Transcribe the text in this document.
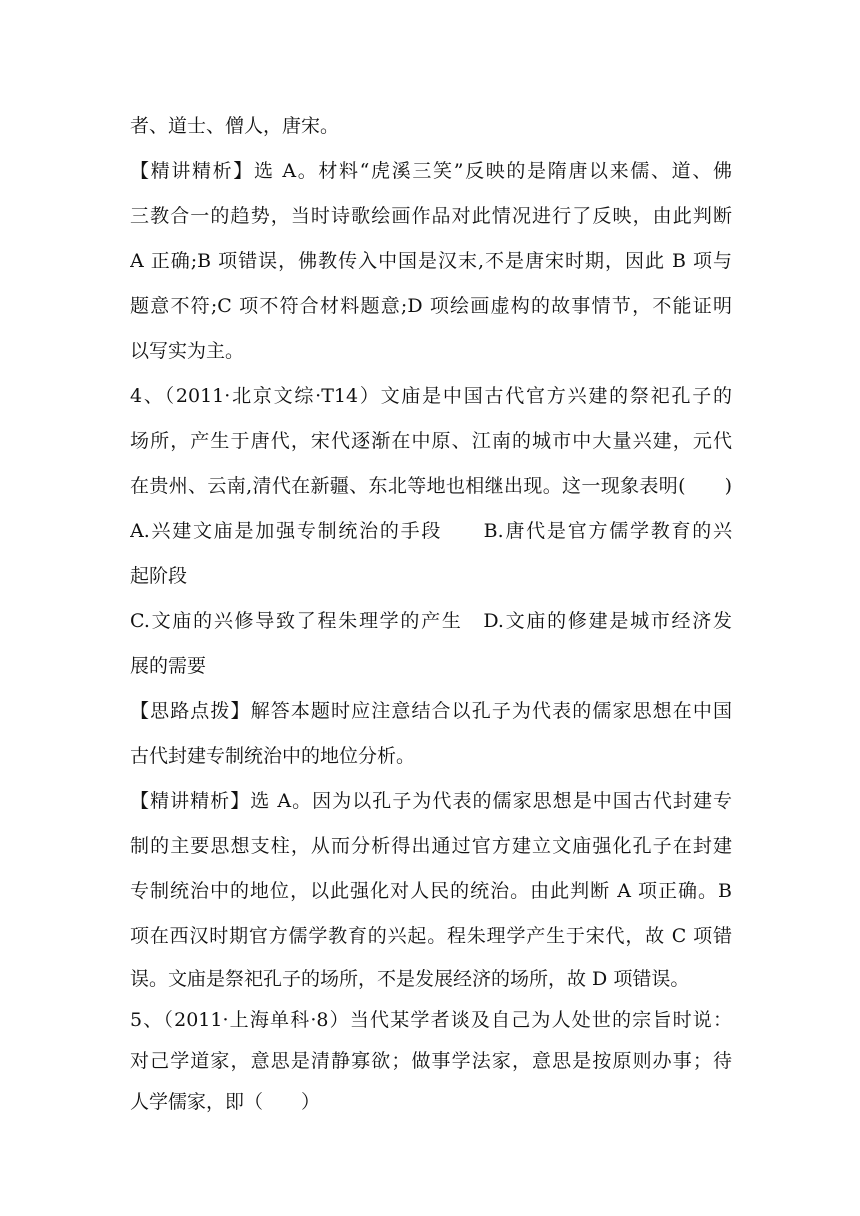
者、道士、僧人，唐宋。
【精讲精析】选 A。材料“虎溪三笑”反映的是隋唐以来儒、道、佛
三教合一的趋势，当时诗歌绘画作品对此情况进行了反映，由此判断
A 正确;B 项错误，佛教传入中国是汉末,不是唐宋时期，因此 B 项与
题意不符;C 项不符合材料题意;D 项绘画虚构的故事情节，不能证明
以写实为主。
4、（2011·北京文综·T14）文庙是中国古代官方兴建的祭祀孔子的
场所，产生于唐代，宋代逐渐在中原、江南的城市中大量兴建，元代
在贵州、云南,清代在新疆、东北等地也相继出现。这一现象表明(　　)
A.兴建文庙是加强专制统治的手段　　B.唐代是官方儒学教育的兴
起阶段
C.文庙的兴修导致了程朱理学的产生　D.文庙的修建是城市经济发
展的需要
【思路点拨】解答本题时应注意结合以孔子为代表的儒家思想在中国
古代封建专制统治中的地位分析。
【精讲精析】选 A。因为以孔子为代表的儒家思想是中国古代封建专
制的主要思想支柱，从而分析得出通过官方建立文庙强化孔子在封建
专制统治中的地位，以此强化对人民的统治。由此判断 A 项正确。B
项在西汉时期官方儒学教育的兴起。程朱理学产生于宋代，故 C 项错
误。文庙是祭祀孔子的场所，不是发展经济的场所，故 D 项错误。
5、（2011·上海单科·8）当代某学者谈及自己为人处世的宗旨时说：
对己学道家，意思是清静寡欲；做事学法家，意思是按原则办事；待
人学儒家，即（　　）
